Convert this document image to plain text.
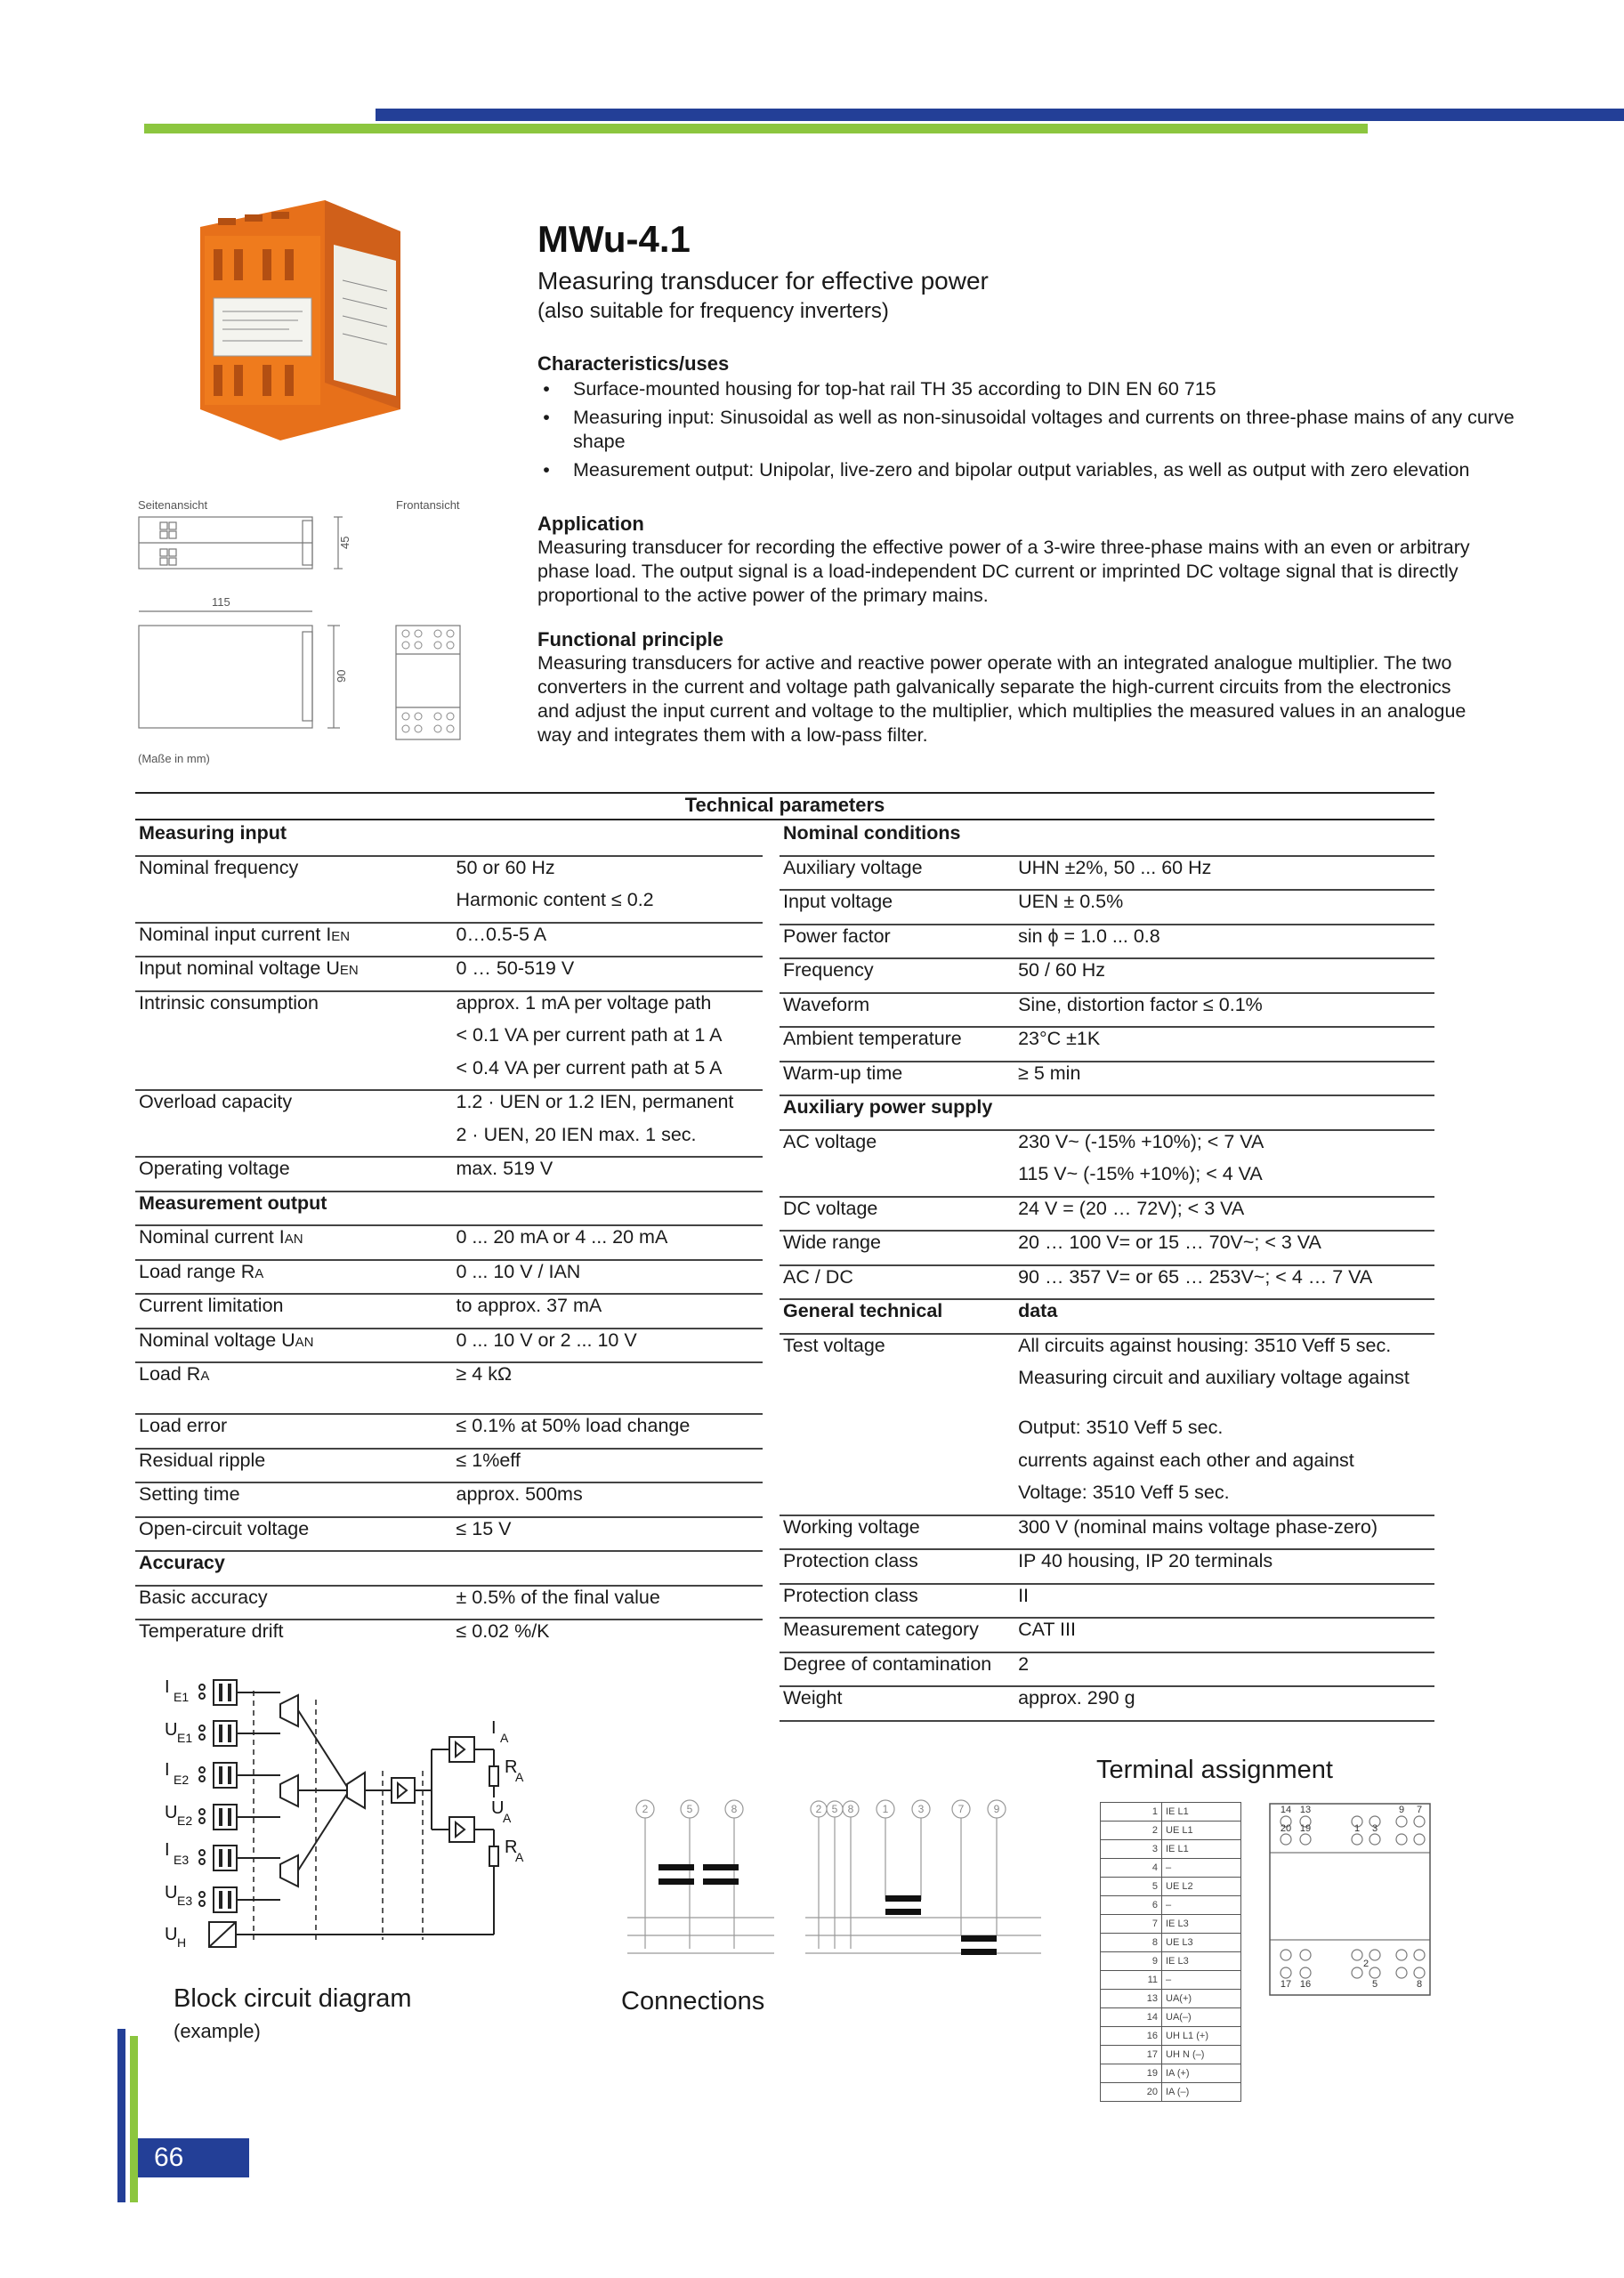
Seitenansicht	Frontansicht
115
45
90
(Maße in mm)
MWu-4.1
Measuring transducer for effective power
(also suitable for frequency inverters)
Characteristics/uses
• Surface-mounted housing for top-hat rail TH 35 according to DIN EN 60 715
• Measuring input: Sinusoidal as well as non-sinusoidal voltages and currents on three-phase mains of any curve shape
• Measurement output: Unipolar, live-zero and bipolar output variables, as well as output with zero elevation
Application

Measuring transducer for recording the effective power of a 3-wire three-phase mains with an even or arbitrary phase load. The output signal is a load-independent DC current or imprinted DC voltage signal that is directly proportional to the active power of the primary mains.

Functional principle

Measuring transducers for active and reactive power operate with an integrated analogue multiplier. The two converters in the current and voltage path galvanically separate the high-current circuits from the electronics and adjust the input current and voltage to the multiplier, which multiplies the measured values in an analogue way and integrates them with a low-pass filter.

Technical parameters
Measuring input	
Nominal frequency	50 or 60 Hz
	Harmonic content ≤ 0.2
Nominal input current IEN	0…0.5-5 A
Input nominal voltage UEN	0 … 50-519 V
Intrinsic consumption	approx. 1 mA per voltage path
	< 0.1 VA per current path at 1 A
	< 0.4 VA per current path at 5 A
Overload capacity	1.2 · UEN or 1.2 IEN, permanent
	2 · UEN, 20 IEN max. 1 sec.
Operating voltage	max. 519 V
Measurement output	
Nominal current IAN	0 ... 20 mA or 4 ... 20 mA
Load range RA	0 ... 10 V / IAN
Current limitation	to approx. 37 mA
Nominal voltage UAN	0 ... 10 V or 2 ... 10 V
Load RA	≥ 4 kΩ
Load error	≤ 0.1% at 50% load change
Residual ripple	≤ 1%eff
Setting time	approx. 500ms
Open-circuit voltage	≤ 15 V
Accuracy	
Basic accuracy	± 0.5% of the final value
Temperature drift	≤ 0.02 %/K
Nominal conditions	
Auxiliary voltage	UHN ±2%, 50 ... 60 Hz
Input voltage	UEN ± 0.5%
Power factor	sin ϕ = 1.0 ... 0.8
Frequency	50 / 60 Hz
Waveform	Sine, distortion factor ≤ 0.1%
Ambient temperature	23°C ±1K
Warm-up time	≥ 5 min
Auxiliary power supply	
AC voltage	230 V~ (-15% +10%); < 7 VA
	115 V~ (-15% +10%); < 4 VA
DC voltage	24 V = (20 … 72V); < 3 VA
Wide range	20 … 100 V= or 15 … 70V~; < 3 VA
AC / DC	90 … 357 V= or 65 … 253V~; < 4 … 7 VA
General technical	data
Test voltage	All circuits against housing: 3510 Veff 5 sec.
	Measuring circuit and auxiliary voltage against
	Output: 3510 Veff 5 sec.
	currents against each other and against
	Voltage: 3510 Veff 5 sec.
Working voltage	300 V (nominal mains voltage phase-zero)
Protection class	IP 40 housing, IP 20 terminals
Protection class	II
Measurement category	CAT III
Degree of contamination	2
Weight	approx. 290 g
I E1
U E1
I E2
U E2
I E3
U E3
U H
I A
R
A
U
A
R
A
Block circuit diagram
(example)
2	5	8	2 5 8	1	3	7	9
Connections
Terminal assignment
1	IE L1
2	UE L1
3	IE L1
4	–
5	UE L2
6	–
7	IE L3
8	UE L3
9	IE L3
11	–
13	UA(+)
14	UA(–)
16	UH L1 (+)
17	UH N (–)
19	IA (+)
20	IA (–)
14 13	9 7
20 19	1 3
17 16
2
5	8
66
